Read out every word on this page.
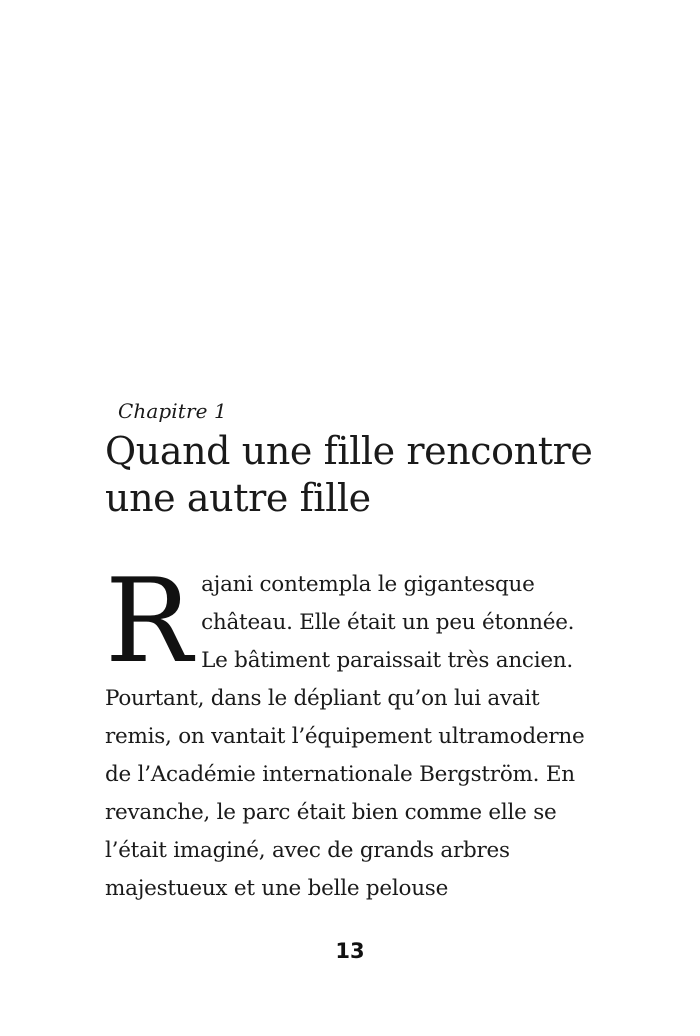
Chapitre 1
Quand une fille rencontre
une autre fille
Rajani contempla le gigantesque château. Elle était un peu étonnée. Le bâtiment paraissait très ancien. Pourtant, dans le dépliant qu’on lui avait remis, on vantait l’équipement ultramoderne de l’Académie internationale Bergström. En revanche, le parc était bien comme elle se l’était imaginé, avec de grands arbres majestueux et une belle pelouse
13
